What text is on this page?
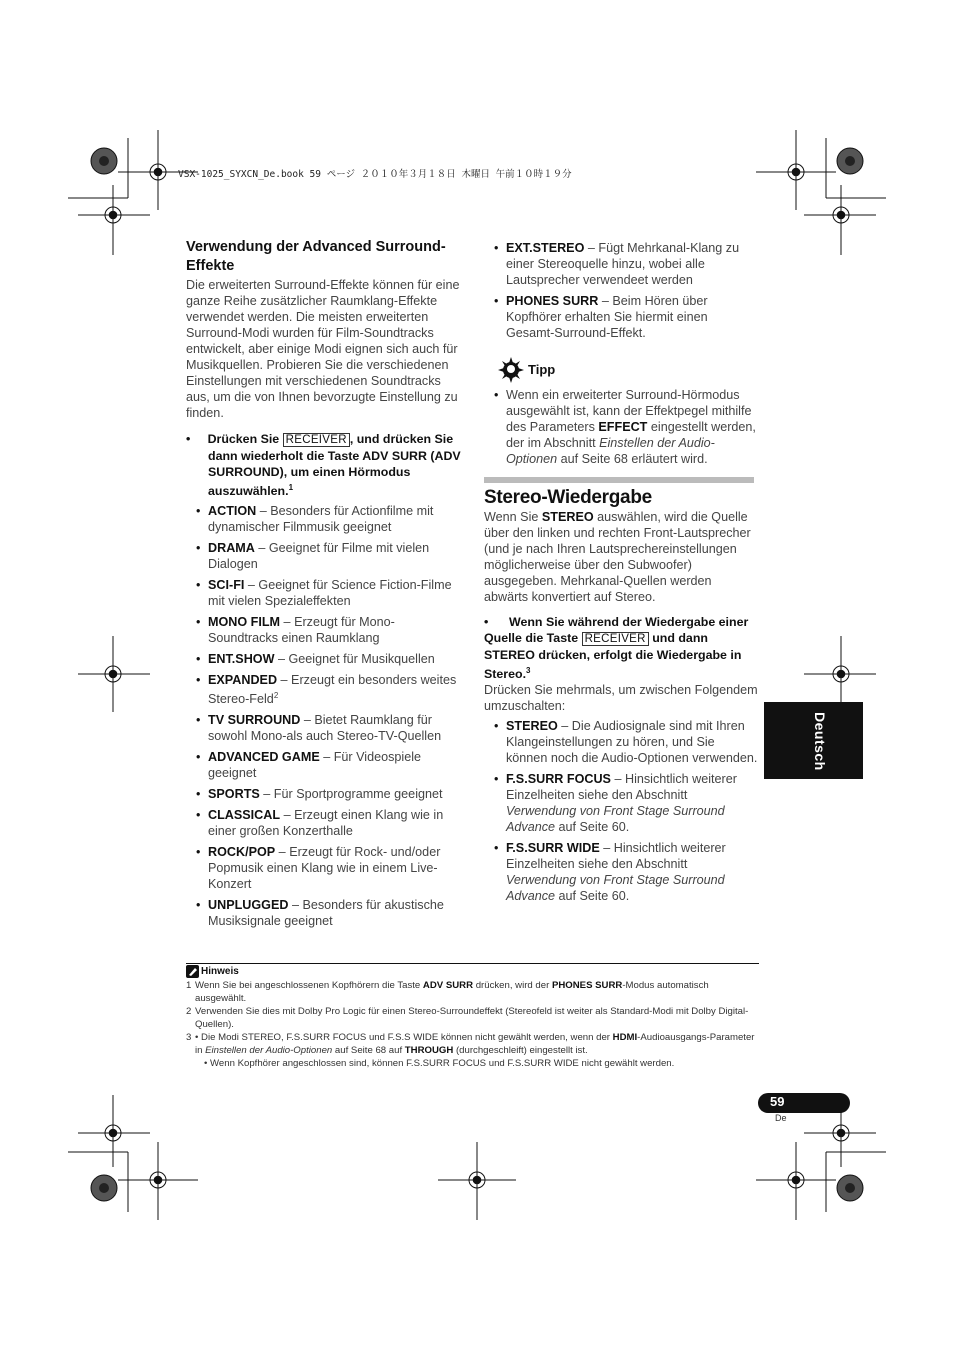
VSX-1025_SYXCN_De.book 59 ページ ２０１０年３月１８日 木曜日 午前１０時１９分
Verwendung der Advanced Surround-Effekte
Die erweiterten Surround-Effekte können für eine ganze Reihe zusätzlicher Raumklang-Effekte verwendet werden. Die meisten erweiterten Surround-Modi wurden für Film-Soundtracks entwickelt, aber einige Modi eignen sich auch für Musikquellen. Probieren Sie die verschiedenen Einstellungen mit verschiedenen Soundtracks aus, um die von Ihnen bevorzugte Einstellung zu finden.
•     Drücken Sie RECEIVER , und drücken Sie dann wiederholt die Taste ADV SURR (ADV SURROUND), um einen Hörmodus auszuwählen.$^1$
• ACTION – Besonders für Actionfilme mit dynamischer Filmmusik geeignet
• DRAMA – Geeignet für Filme mit vielen Dialogen
• SCI-FI – Geeignet für Science Fiction-Filme mit vielen Spezialeffekten
• MONO FILM – Erzeugt für Mono-Soundtracks einen Raumklang
• ENT.SHOW – Geeignet für Musikquellen
• EXPANDED – Erzeugt ein besonders weites Stereo-Feld$^2$
• TV SURROUND – Bietet Raumklang für sowohl Mono-als auch Stereo-TV-Quellen
• ADVANCED GAME – Für Videospiele geeignet
• SPORTS – Für Sportprogramme geeignet
• CLASSICAL – Erzeugt einen Klang wie in einer großen Konzerthalle
• ROCK/POP – Erzeugt für Rock- und/oder Popmusik einen Klang wie in einem Live-Konzert
• UNPLUGGED – Besonders für akustische Musiksignale geeignet
• EXT.STEREO – Fügt Mehrkanal-Klang zu einer Stereoquelle hinzu, wobei alle Lautsprecher verwendeet werden
• PHONES SURR – Beim Hören über Kopfhörer erhalten Sie hiermit einen Gesamt-Surround-Effekt.
Tipp
• Wenn ein erweiterter Surround-Hörmodus ausgewählt ist, kann der Effektpegel mithilfe des Parameters EFFECT eingestellt werden, der im Abschnitt Einstellen der Audio-Optionen auf Seite 68 erläutert wird.
Stereo-Wiedergabe
Wenn Sie STEREO auswählen, wird die Quelle über den linken und rechten Front-Lautsprecher (und je nach Ihren Lautsprechereinstellungen möglicherweise über den Subwoofer) ausgegeben. Mehrkanal-Quellen werden abwärts konvertiert auf Stereo.
•      Wenn Sie während der Wiedergabe einer Quelle die Taste RECEIVER und dann STEREO drücken, erfolgt die Wiedergabe in Stereo.$^3$
Drücken Sie mehrmals, um zwischen Folgendem umzuschalten:
• STEREO – Die Audiosignale sind mit Ihren Klangeinstellungen zu hören, und Sie können noch die Audio-Optionen verwenden.
• F.S.SURR FOCUS – Hinsichtlich weiterer Einzelheiten siehe den Abschnitt Verwendung von Front Stage Surround Advance auf Seite 60.
• F.S.SURR WIDE – Hinsichtlich weiterer Einzelheiten siehe den Abschnitt Verwendung von Front Stage Surround Advance auf Seite 60.
Deutsch
Hinweis
1 Wenn Sie bei angeschlossenen Kopfhörern die Taste ADV SURR drücken, wird der PHONES SURR-Modus automatisch ausgewählt.
2 Verwenden Sie dies mit Dolby Pro Logic für einen Stereo-Surroundeffekt (Stereofeld ist weiter als Standard-Modi mit Dolby Digital-Quellen).
3 • Die Modi STEREO, F.S.SURR FOCUS und F.S.S WIDE können nicht gewählt werden, wenn der HDMI-Audioausgangs-Parameter in Einstellen der Audio-Optionen auf Seite 68 auf THROUGH (durchgeschleift) eingestellt ist.
• Wenn Kopfhörer angeschlossen sind, können F.S.SURR FOCUS und F.S.SURR WIDE nicht gewählt werden.
59
De
